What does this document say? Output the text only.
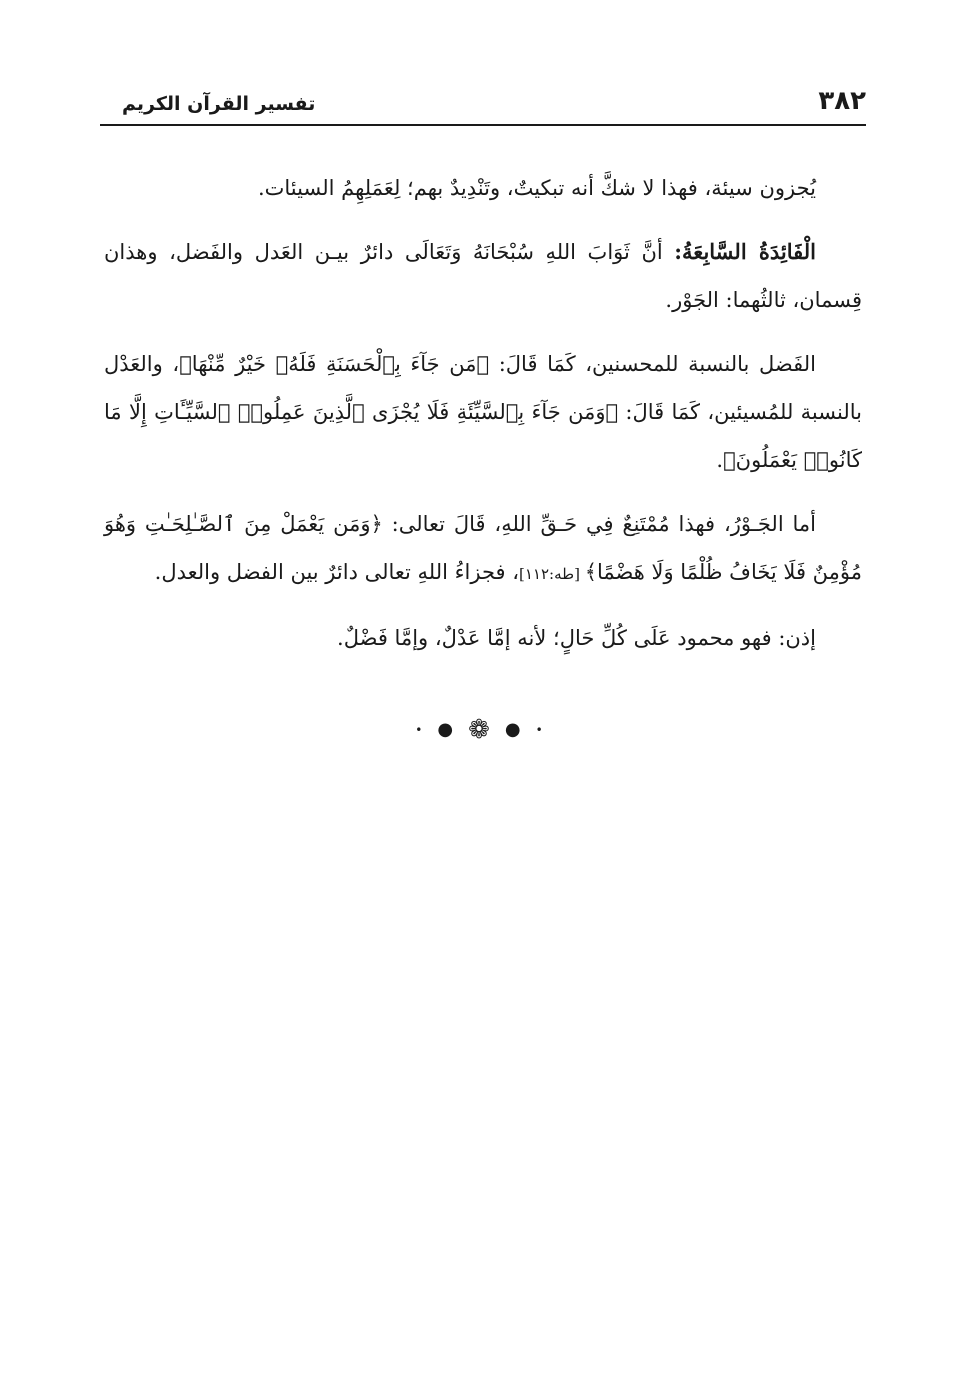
٣٨٢
تفسير القرآن الكريم

يُجزون سيئة، فهذا لا شكَّ أنه تبكيتٌ، وتَنْدِيدٌ بهم؛ لِعَمَلِهِمُ السيئات.

الْفَائِدَةُ السَّابِعَةُ: أنَّ ثَوَابَ اللهِ سُبْحَانَهُ وَتَعَالَى دائرٌ بيـن العَدل والفَضل، وهذان قِسمان، ثالثُهما: الجَوْر.

الفَضل بالنسبة للمحسنين، كَمَا قَالَ: ﴿مَن جَآءَ بِٱلْحَسَنَةِ فَلَهُۥ خَيْرٌ مِّنْهَا﴾، والعَدْل بالنسبة للمُسيئين، كَمَا قَالَ: ﴿وَمَن جَآءَ بِٱلسَّيِّئَةِ فَلَا يُجْزَى ٱلَّذِينَ عَمِلُوا۟ ٱلسَّيِّـَٔاتِ إِلَّا مَا كَانُوا۟ يَعْمَلُونَ﴾.

أما الجَـوْرُ، فهذا مُمْتَنِعٌ فِي حَـقِّ اللهِ، قَالَ تعالى: ﴿وَمَن يَعْمَلْ مِنَ ٱلصَّـٰلِحَـٰتِ وَهُوَ مُؤْمِنٌ فَلَا يَخَافُ ظُلْمًا وَلَا هَضْمًا﴾ [طه:١١٢]، فجزاءُ اللهِ تعالى دائرٌ بين الفضل والعدل.

إذن: فهو محمود عَلَى كُلِّ حَالٍ؛ لأنه إمَّا عَدْلٌ، وإمَّا فَضْلٌ.

• ● ❁ ● •
